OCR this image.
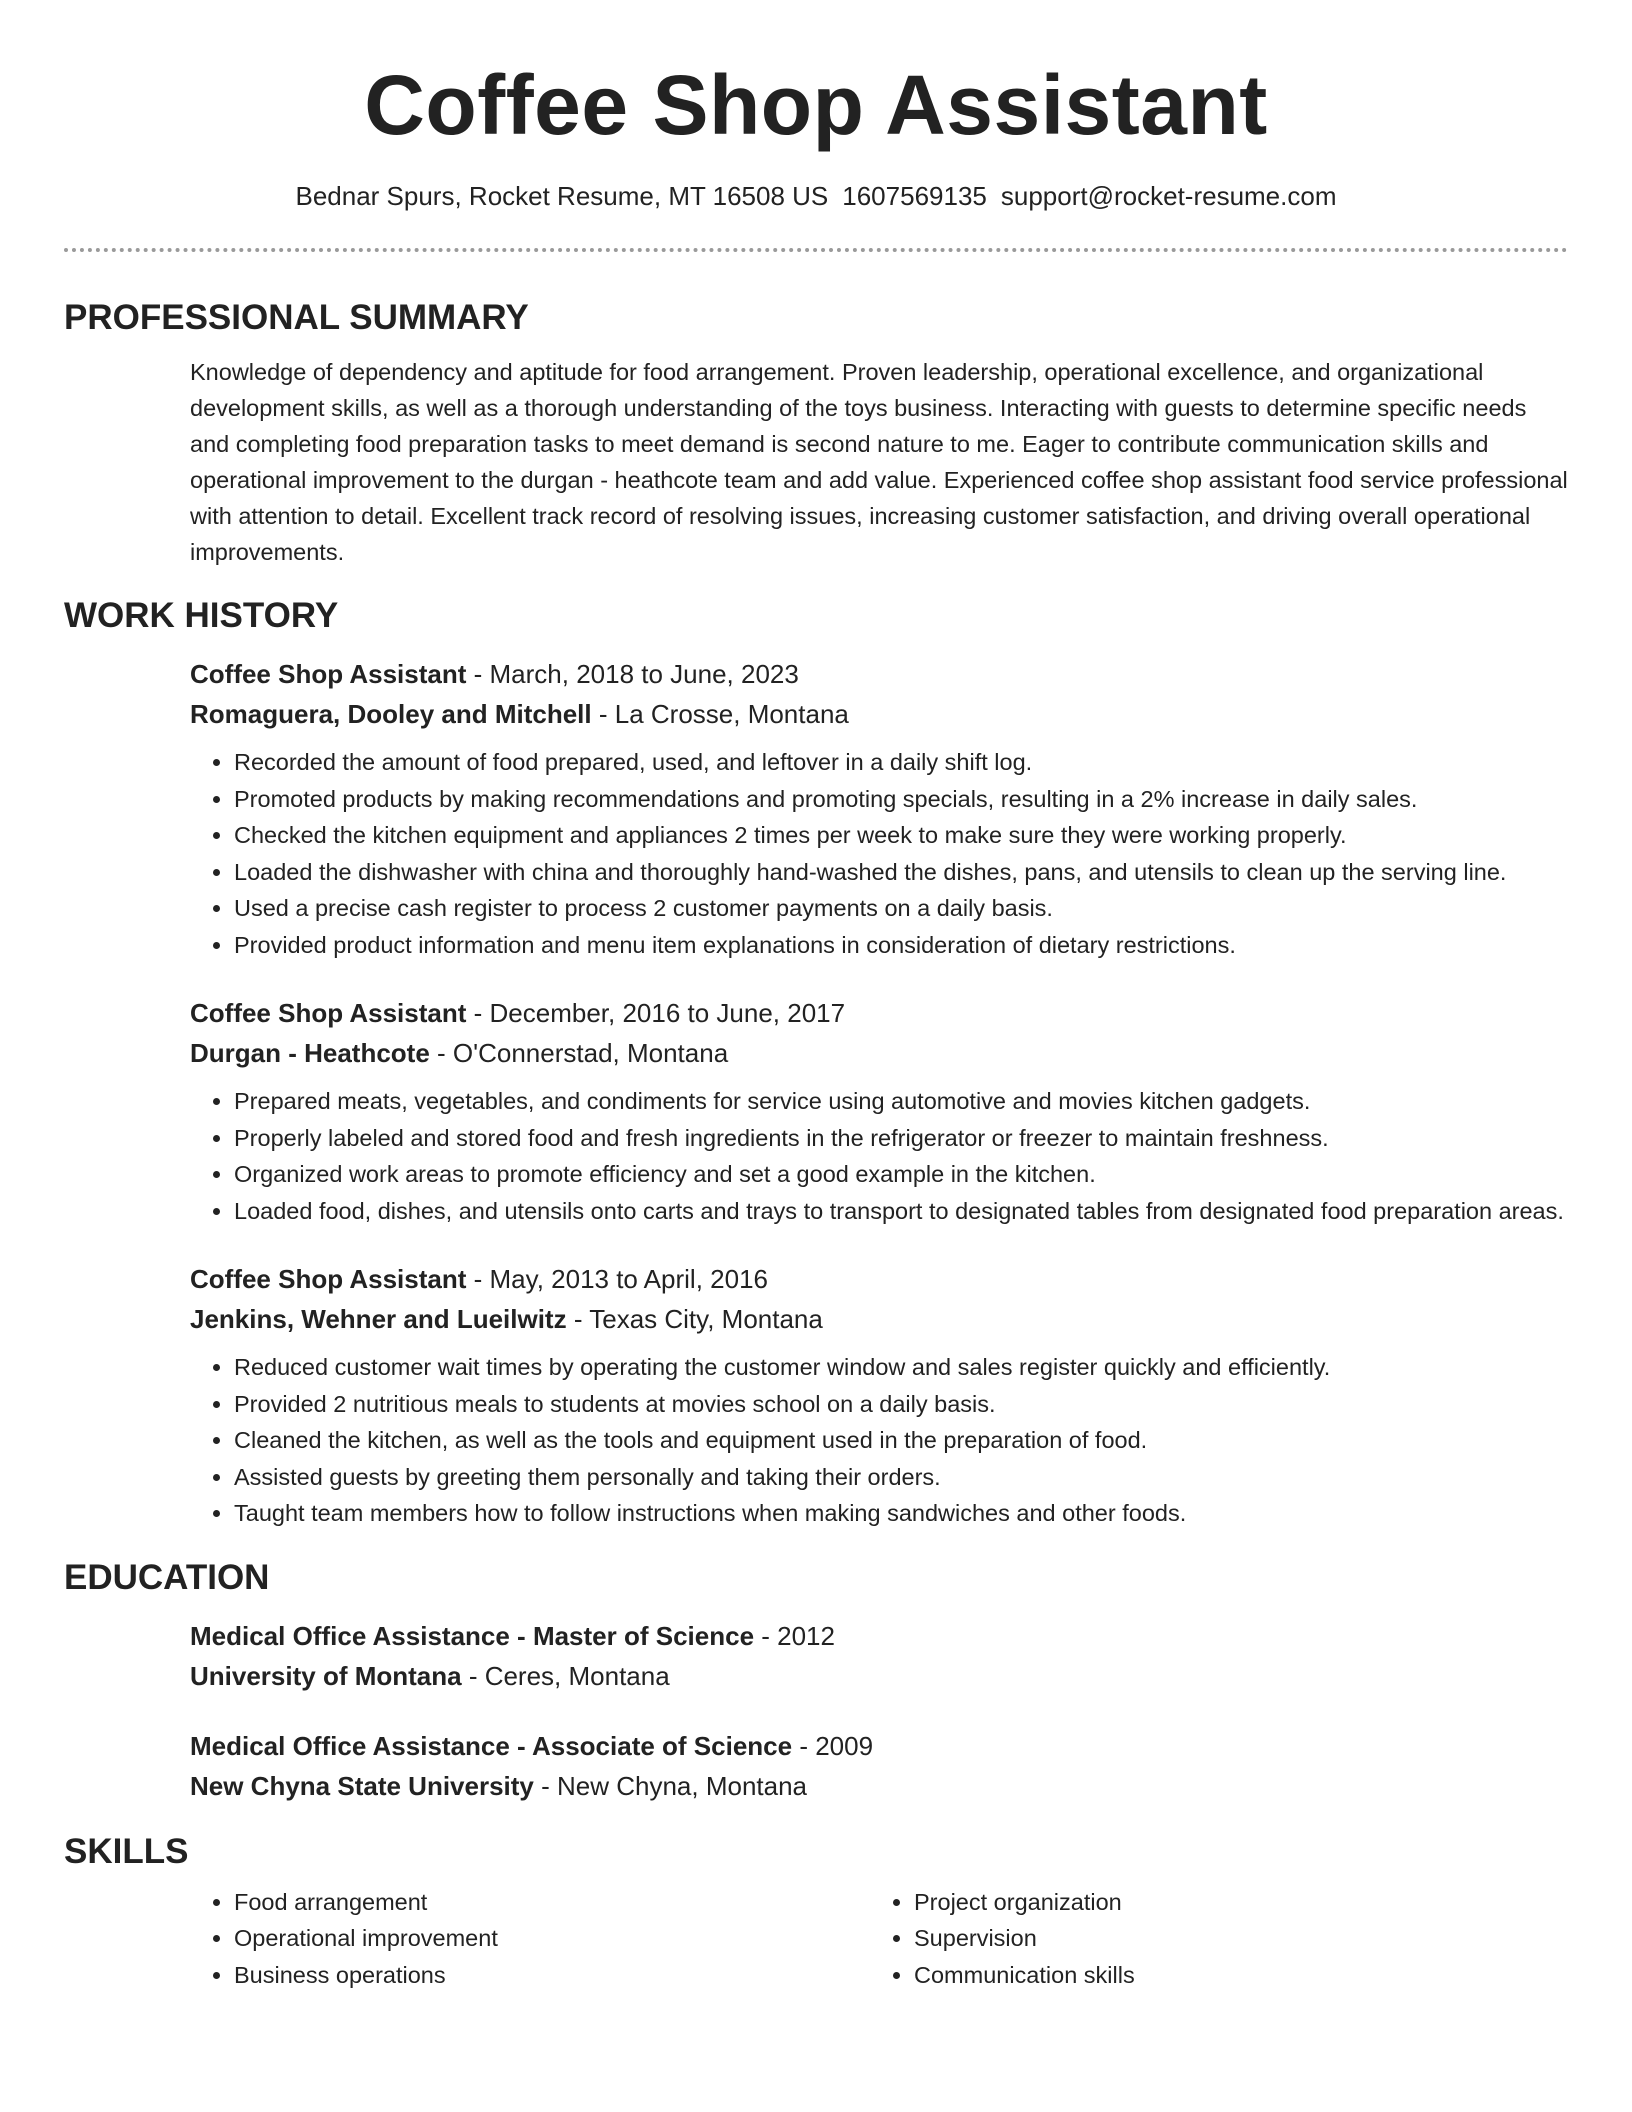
Coffee Shop Assistant
Bednar Spurs, Rocket Resume, MT 16508 US 1607569135 support@rocket-resume.com
PROFESSIONAL SUMMARY

Knowledge of dependency and aptitude for food arrangement. Proven leadership, operational excellence, and organizational development skills, as well as a thorough understanding of the toys business. Interacting with guests to determine specific needs and completing food preparation tasks to meet demand is second nature to me. Eager to contribute communication skills and operational improvement to the durgan - heathcote team and add value. Experienced coffee shop assistant food service professional with attention to detail. Excellent track record of resolving issues, increasing customer satisfaction, and driving overall operational improvements.

WORK HISTORY
Coffee Shop Assistant - March, 2018 to June, 2023
Romaguera, Dooley and Mitchell - La Crosse, Montana
• Recorded the amount of food prepared, used, and leftover in a daily shift log.
• Promoted products by making recommendations and promoting specials, resulting in a 2% increase in daily sales.
• Checked the kitchen equipment and appliances 2 times per week to make sure they were working properly.
• Loaded the dishwasher with china and thoroughly hand-washed the dishes, pans, and utensils to clean up the serving line.
• Used a precise cash register to process 2 customer payments on a daily basis.
• Provided product information and menu item explanations in consideration of dietary restrictions.
Coffee Shop Assistant - December, 2016 to June, 2017
Durgan - Heathcote - O'Connerstad, Montana
• Prepared meats, vegetables, and condiments for service using automotive and movies kitchen gadgets.
• Properly labeled and stored food and fresh ingredients in the refrigerator or freezer to maintain freshness.
• Organized work areas to promote efficiency and set a good example in the kitchen.
• Loaded food, dishes, and utensils onto carts and trays to transport to designated tables from designated food preparation areas.
Coffee Shop Assistant - May, 2013 to April, 2016
Jenkins, Wehner and Lueilwitz - Texas City, Montana
• Reduced customer wait times by operating the customer window and sales register quickly and efficiently.
• Provided 2 nutritious meals to students at movies school on a daily basis.
• Cleaned the kitchen, as well as the tools and equipment used in the preparation of food.
• Assisted guests by greeting them personally and taking their orders.
• Taught team members how to follow instructions when making sandwiches and other foods.
EDUCATION
Medical Office Assistance - Master of Science - 2012
University of Montana - Ceres, Montana
Medical Office Assistance - Associate of Science - 2009
New Chyna State University - New Chyna, Montana
SKILLS
• Food arrangement
• Operational improvement
• Business operations
• Project organization
• Supervision
• Communication skills
